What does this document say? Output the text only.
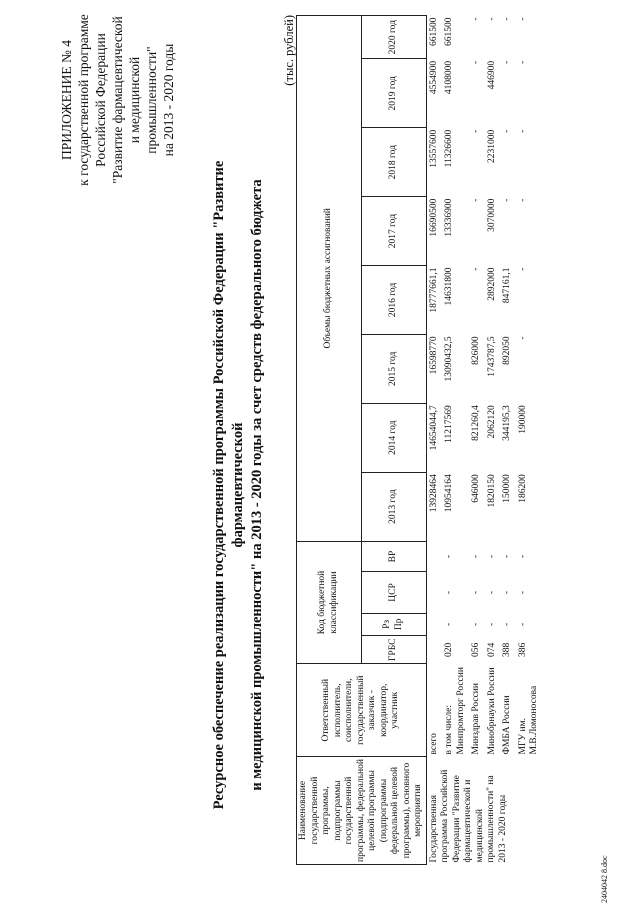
ПРИЛОЖЕНИЕ № 4 к государственной программе Российской Федерации "Развитие фармацевтической и медицинской промышленности" на 2013 - 2020 годы
Ресурсное обеспечение реализации государственной программы Российской Федерации "Развитие фармацевтической и медицинской промышленности" на 2013 - 2020 годы за счет средств федерального бюджета
(тыс. рублей)
Наименование государственной программы, подпрограммы государственной программы, федеральной целевой программы (подпрограммы федеральной целевой программы), основного мероприятия	Ответственный исполнитель, соисполнители, государственный заказчик - координатор, участник	Код бюджетной классификации				Объемы бюджетных ассигнований							
		ГРБС	Рз Пр	ЦСР	ВР	2013 год	2014 год	2015 год	2016 год	2017 год	2018 год	2019 год	2020 год
Государственная программа Российской Федерации "Развитие фармацевтической и медицинской промышленности" на 2013 - 2020 годы	всего					13928464	14654044,7	16598770	18777661,1	16690500	13557600	4554900	661500
	в том числе: Минпромторг России	020	-	-	-	10954164	11217569	13090432,5	14631800	13336900	11326600	4108000	661500
	Минздрав России	056	-	-	-	646000	821260,4	826000	-	-	-	-	-
	Минобрнауки России	074	-	-	-	1820150	2062120	1743787,5	2892000	3070000	2231000	446900	-
	ФМБА России	388	-	-	-	150000	344195,3	892050	847161,1	-	-	-	-
	МГУ им. М.В.Ломоносова	386	-	-	-	186200	190000	-	-	-	-	-	-
2404042 8.doc
